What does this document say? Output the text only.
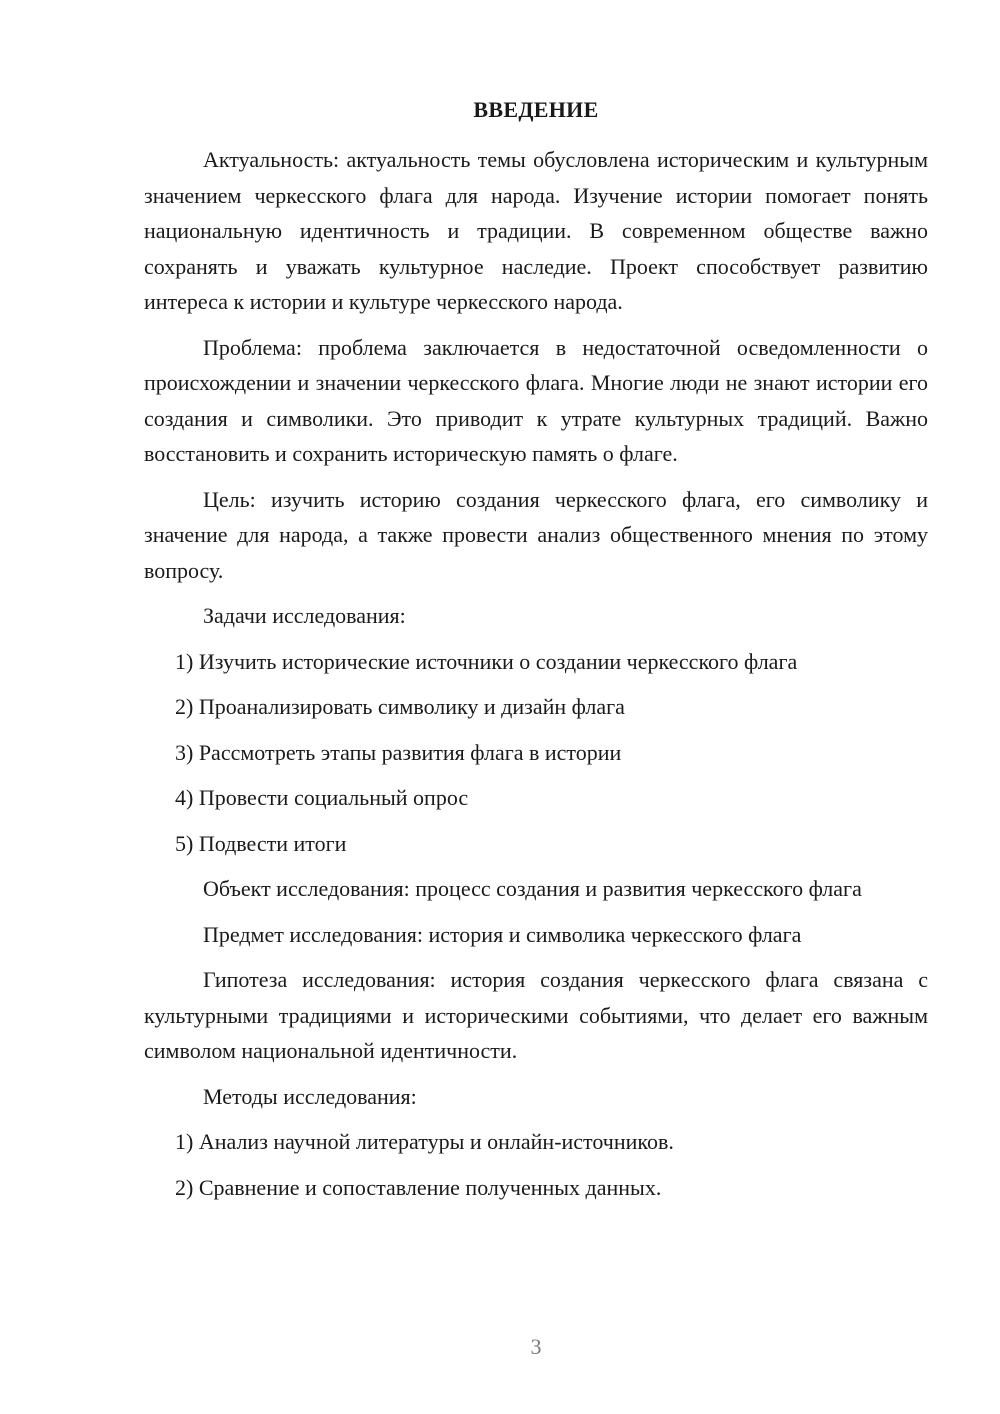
ВВЕДЕНИЕ

Актуальность: актуальность темы обусловлена историческим и культурным значением черкесского флага для народа. Изучение истории помогает понять национальную идентичность и традиции. В современном обществе важно сохранять и уважать культурное наследие. Проект способствует развитию интереса к истории и культуре черкесского народа.

Проблема: проблема заключается в недостаточной осведомленности о происхождении и значении черкесского флага. Многие люди не знают истории его создания и символики. Это приводит к утрате культурных традиций. Важно восстановить и сохранить историческую память о флаге.

Цель: изучить историю создания черкесского флага, его символику и значение для народа, а также провести анализ общественного мнения по этому вопросу.

Задачи исследования:

1) Изучить исторические источники о создании черкесского флага

2) Проанализировать символику и дизайн флага

3) Рассмотреть этапы развития флага в истории

4) Провести социальный опрос

5) Подвести итоги

Объект исследования: процесс создания и развития черкесского флага

Предмет исследования: история и символика черкесского флага

Гипотеза исследования: история создания черкесского флага связана с культурными традициями и историческими событиями, что делает его важным символом национальной идентичности.

Методы исследования:

1) Анализ научной литературы и онлайн-источников.

2) Сравнение и сопоставление полученных данных.

3
